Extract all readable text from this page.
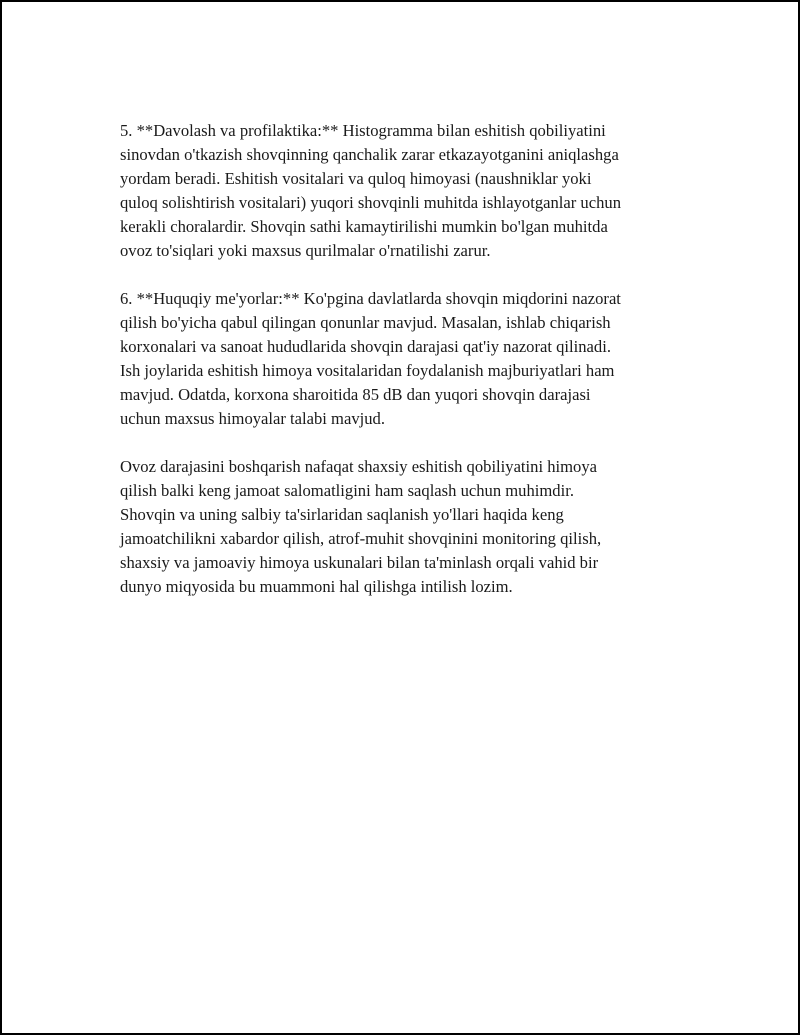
5. **Davolash va profilaktika:** Histogramma bilan eshitish qobiliyatini
sinovdan o'tkazish shovqinning qanchalik zarar etkazayotganini aniqlashga
yordam beradi. Eshitish vositalari va quloq himoyasi (naushniklar yoki
quloq solishtirish vositalari) yuqori shovqinli muhitda ishlayotganlar uchun
kerakli choralardir. Shovqin sathi kamaytirilishi mumkin bo'lgan muhitda
ovoz to'siqlari yoki maxsus qurilmalar o'rnatilishi zarur.

6. **Huquqiy me'yorlar:** Ko'pgina davlatlarda shovqin miqdorini nazorat
qilish bo'yicha qabul qilingan qonunlar mavjud. Masalan, ishlab chiqarish
korxonalari va sanoat hududlarida shovqin darajasi qat'iy nazorat qilinadi.
Ish joylarida eshitish himoya vositalaridan foydalanish majburiyatlari ham
mavjud. Odatda, korxona sharoitida 85 dB dan yuqori shovqin darajasi
uchun maxsus himoyalar talabi mavjud.

Ovoz darajasini boshqarish nafaqat shaxsiy eshitish qobiliyatini himoya
qilish balki keng jamoat salomatligini ham saqlash uchun muhimdir.
Shovqin va uning salbiy ta'sirlaridan saqlanish yo'llari haqida keng
jamoatchilikni xabardor qilish, atrof-muhit shovqinini monitoring qilish,
shaxsiy va jamoaviy himoya uskunalari bilan ta'minlash orqali vahid bir
dunyo miqyosida bu muammoni hal qilishga intilish lozim.
